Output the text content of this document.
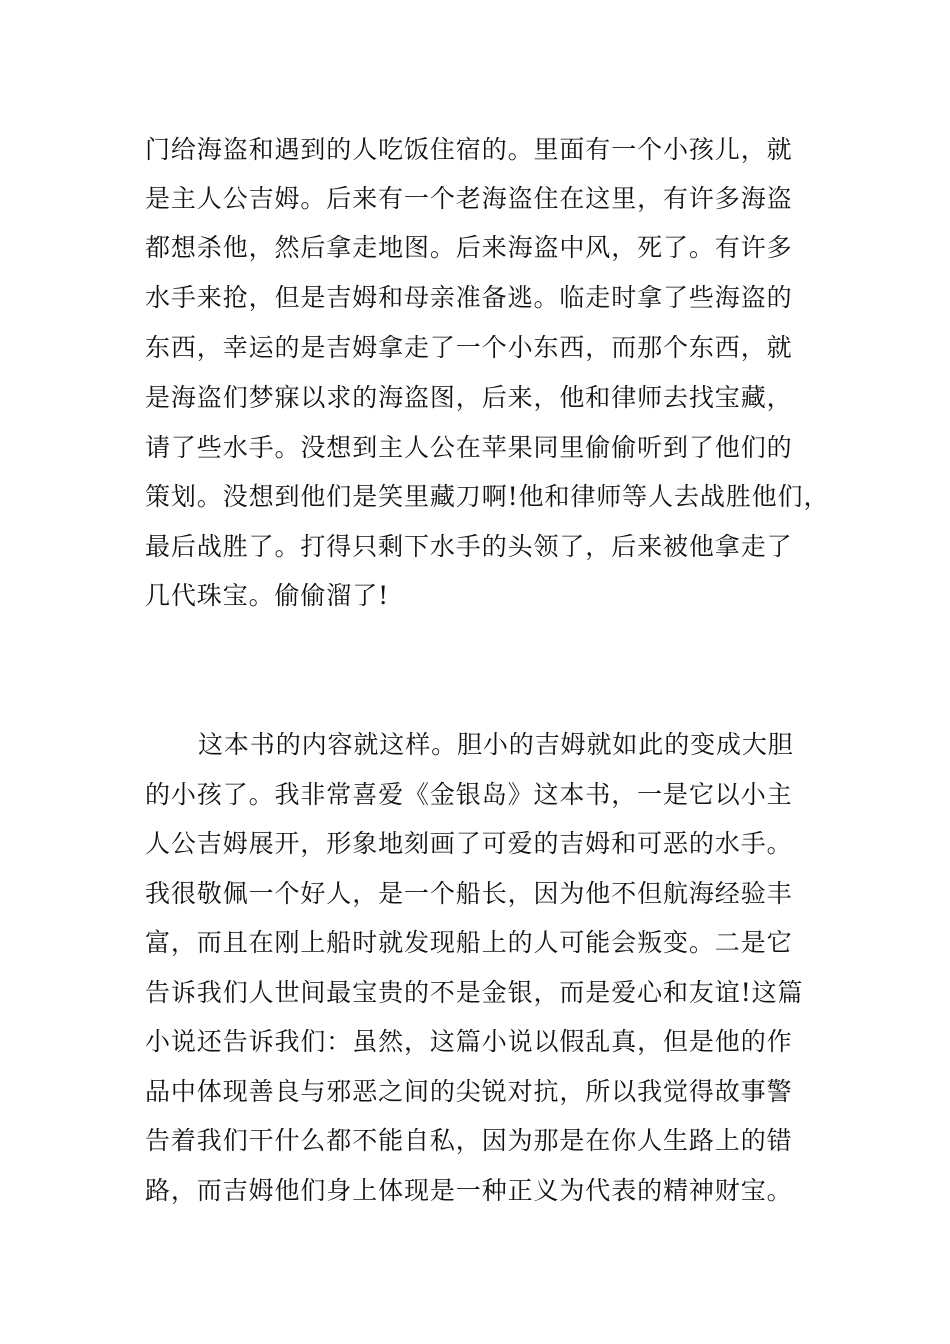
门给海盗和遇到的人吃饭住宿的。里面有一个小孩儿，就
是主人公吉姆。后来有一个老海盗住在这里，有许多海盗
都想杀他，然后拿走地图。后来海盗中风，死了。有许多
水手来抢，但是吉姆和母亲准备逃。临走时拿了些海盗的
东西，幸运的是吉姆拿走了一个小东西，而那个东西，就
是海盗们梦寐以求的海盗图，后来，他和律师去找宝藏，
请了些水手。没想到主人公在苹果同里偷偷听到了他们的
策划。没想到他们是笑里藏刀啊!他和律师等人去战胜他们，
最后战胜了。打得只剩下水手的头领了，后来被他拿走了
几代珠宝。偷偷溜了!
这本书的内容就这样。胆小的吉姆就如此的变成大胆
的小孩了。我非常喜爱《金银岛》这本书，一是它以小主
人公吉姆展开，形象地刻画了可爱的吉姆和可恶的水手。
我很敬佩一个好人，是一个船长，因为他不但航海经验丰
富，而且在刚上船时就发现船上的人可能会叛变。二是它
告诉我们人世间最宝贵的不是金银，而是爱心和友谊!这篇
小说还告诉我们：虽然，这篇小说以假乱真，但是他的作
品中体现善良与邪恶之间的尖锐对抗，所以我觉得故事警
告着我们干什么都不能自私，因为那是在你人生路上的错
路，而吉姆他们身上体现是一种正义为代表的精神财宝。
